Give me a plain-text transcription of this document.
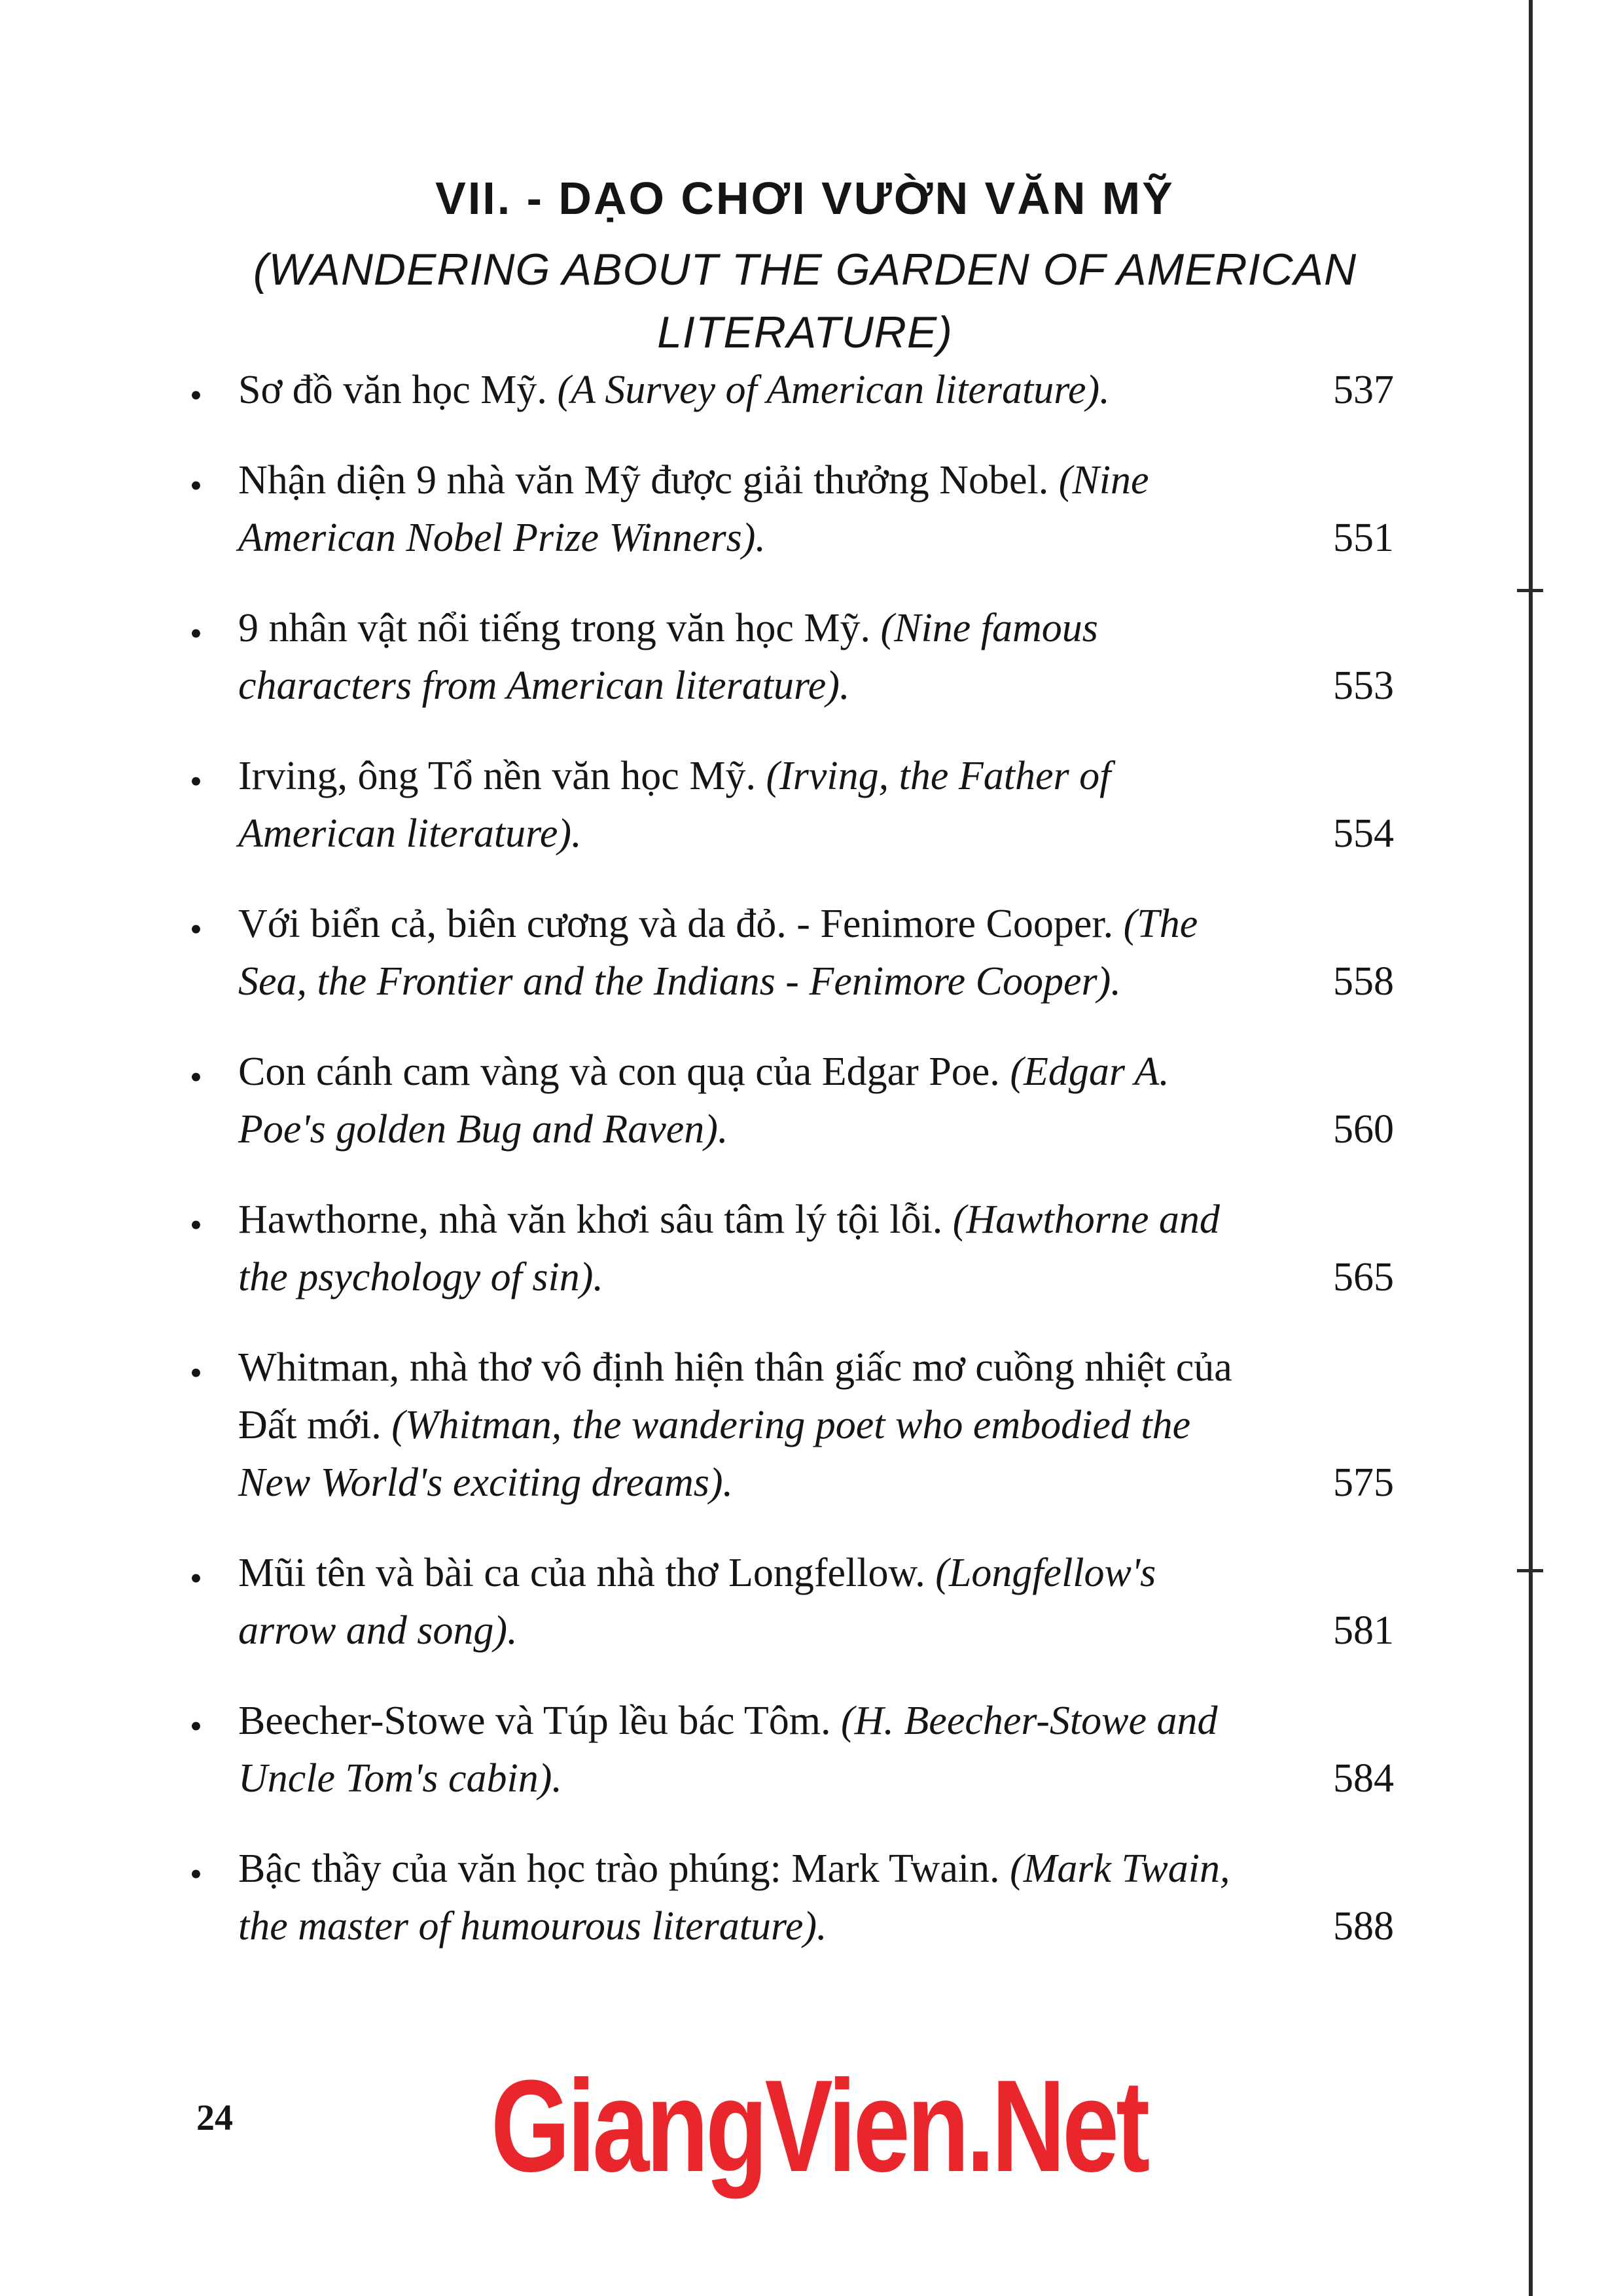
VII. - DẠO CHƠI VƯỜN VĂN MỸ
(WANDERING ABOUT THE GARDEN OF AMERICAN LITERATURE)
• Sơ đồ văn học Mỹ. (A Survey of American literature).	537
• Nhận diện 9 nhà văn Mỹ được giải thưởng Nobel. (Nine American Nobel Prize Winners).	551
• 9 nhân vật nổi tiếng trong văn học Mỹ. (Nine famous characters from American literature).	553
• Irving, ông Tổ nền văn học Mỹ. (Irving, the Father of American literature).	554
• Với biển cả, biên cương và da đỏ. - Fenimore Cooper. (The Sea, the Frontier and the Indians - Fenimore Cooper).	558
• Con cánh cam vàng và con quạ của Edgar Poe. (Edgar A. Poe's golden Bug and Raven).	560
• Hawthorne, nhà văn khơi sâu tâm lý tội lỗi. (Hawthorne and the psychology of sin).	565
• Whitman, nhà thơ vô định hiện thân giấc mơ cuồng nhiệt của Đất mới. (Whitman, the wandering poet who embodied the New World's exciting dreams).	575
• Mũi tên và bài ca của nhà thơ Longfellow. (Longfellow's arrow and song).	581
• Beecher-Stowe và Túp lều bác Tôm. (H. Beecher-Stowe and Uncle Tom's cabin).	584
• Bậc thầy của văn học trào phúng: Mark Twain. (Mark Twain, the master of humourous literature).	588
24 GiangVien.Net
